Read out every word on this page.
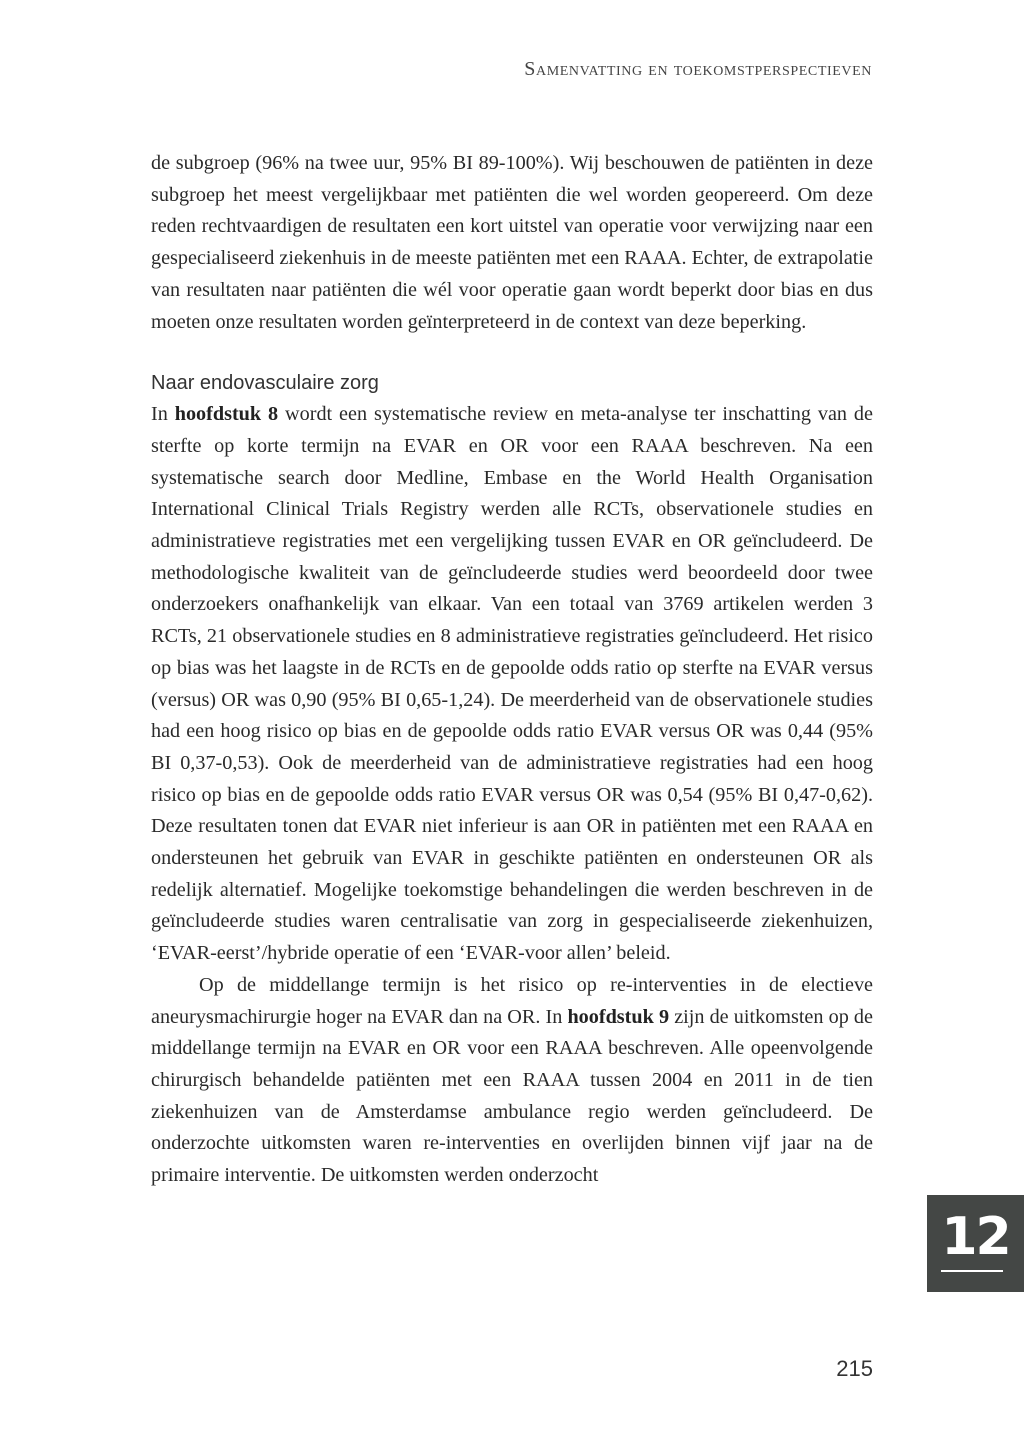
Samenvatting en toekomstperspectieven

de subgroep (96% na twee uur, 95% BI 89-100%). Wij beschouwen de patiënten in deze subgroep het meest vergelijkbaar met patiënten die wel worden geopereerd. Om deze reden rechtvaardigen de resultaten een kort uitstel van operatie voor verwijzing naar een gespecialiseerd ziekenhuis in de meeste patiënten met een RAAA. Echter, de extrapolatie van resultaten naar patiënten die wél voor operatie gaan wordt beperkt door bias en dus moeten onze resultaten worden geïnterpreteerd in de context van deze beperking.

Naar endovasculaire zorg

In hoofdstuk 8 wordt een systematische review en meta-analyse ter inschatting van de sterfte op korte termijn na EVAR en OR voor een RAAA beschreven. Na een systematische search door Medline, Embase en the World Health Organisation International Clinical Trials Registry werden alle RCTs, observationele studies en administratieve registraties met een vergelijking tussen EVAR en OR geïncludeerd. De methodologische kwaliteit van de geïncludeerde studies werd beoordeeld door twee onderzoekers onafhankelijk van elkaar. Van een totaal van 3769 artikelen werden 3 RCTs, 21 observationele studies en 8 administratieve registraties geïncludeerd. Het risico op bias was het laagste in de RCTs en de gepoolde odds ratio op sterfte na EVAR versus (versus) OR was 0,90 (95% BI 0,65-1,24). De meerderheid van de observationele studies had een hoog risico op bias en de gepoolde odds ratio EVAR versus OR was 0,44 (95% BI 0,37-0,53). Ook de meerderheid van de administratieve registraties had een hoog risico op bias en de gepoolde odds ratio EVAR versus OR was 0,54 (95% BI 0,47-0,62). Deze resultaten tonen dat EVAR niet inferieur is aan OR in patiënten met een RAAA en ondersteunen het gebruik van EVAR in geschikte patiënten en ondersteunen OR als redelijk alternatief. Mogelijke toekomstige behandelingen die werden beschreven in de geïncludeerde studies waren centralisatie van zorg in gespecialiseerde ziekenhuizen, ‘EVAR-eerst’/hybride operatie of een ‘EVAR-voor allen’ beleid.

Op de middellange termijn is het risico op re-interventies in de electieve aneurysmachirurgie hoger na EVAR dan na OR. In hoofdstuk 9 zijn de uitkomsten op de middellange termijn na EVAR en OR voor een RAAA beschreven. Alle opeenvolgende chirurgisch behandelde patiënten met een RAAA tussen 2004 en 2011 in de tien ziekenhuizen van de Amsterdamse ambulance regio werden geïncludeerd. De onderzochte uitkomsten waren re-interventies en overlijden binnen vijf jaar na de primaire interventie. De uitkomsten werden onderzocht

12
215
